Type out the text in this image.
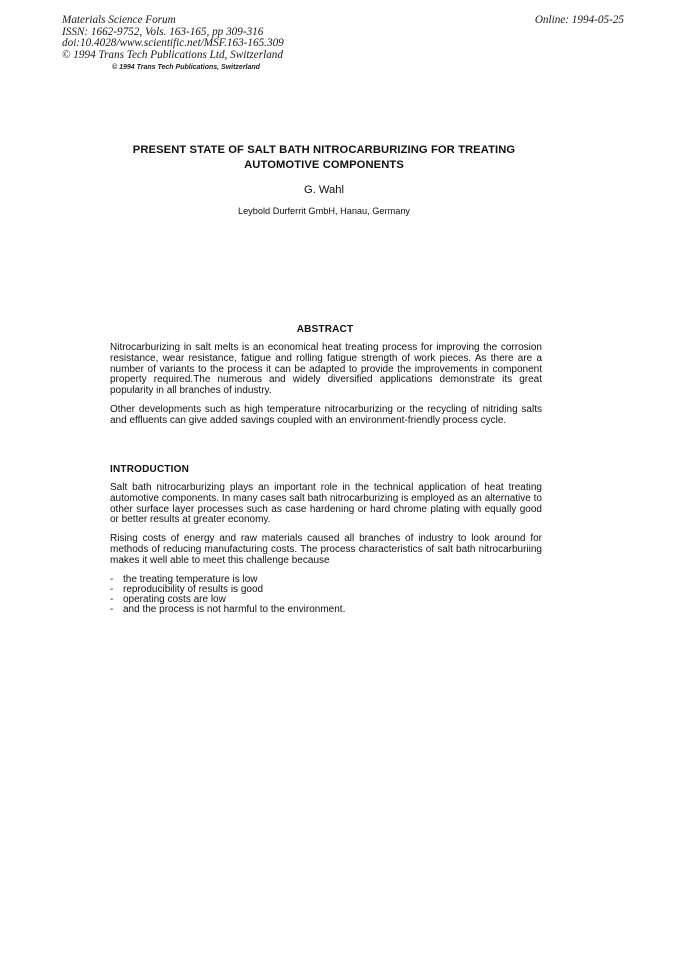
Materials Science Forum
ISSN: 1662-9752, Vols. 163-165, pp 309-316
doi:10.4028/www.scientific.net/MSF.163-165.309
© 1994 Trans Tech Publications Ltd, Switzerland
Online: 1994-05-25
© 1994 Trans Tech Publications, Switzerland
PRESENT STATE OF SALT BATH NITROCARBURIZING FOR TREATING
AUTOMOTIVE COMPONENTS
G. Wahl
Leybold Durferrit GmbH, Hanau, Germany
ABSTRACT
Nitrocarburizing in salt melts is an economical heat treating process for improving the corrosion resistance, wear resistance, fatigue and rolling fatigue strength of work pieces. As there are a number of variants to the process it can be adapted to provide the improvements in component property required.The numerous and widely diversified applications demonstrate its great popularity in all branches of industry.
Other developments such as high temperature nitrocarburizing or the recycling of nitriding salts and effluents can give added savings coupled with an environment-friendly process cycle.
INTRODUCTION
Salt bath nitrocarburizing plays an important role in the technical application of heat treating automotive components. In many cases salt bath nitrocarburizing is employed as an alternative to other surface layer processes such as case hardening or hard chrome plating with equally good or better results at greater economy.
Rising costs of energy and raw materials caused all branches of industry to look around for methods of reducing manufacturing costs. The process characteristics of salt bath nitrocarburiing makes it well able to meet this challenge because
- the treating temperature is low
- reproducibility of results is good
- operating costs are low
- and the process is not harmful to the environment.
